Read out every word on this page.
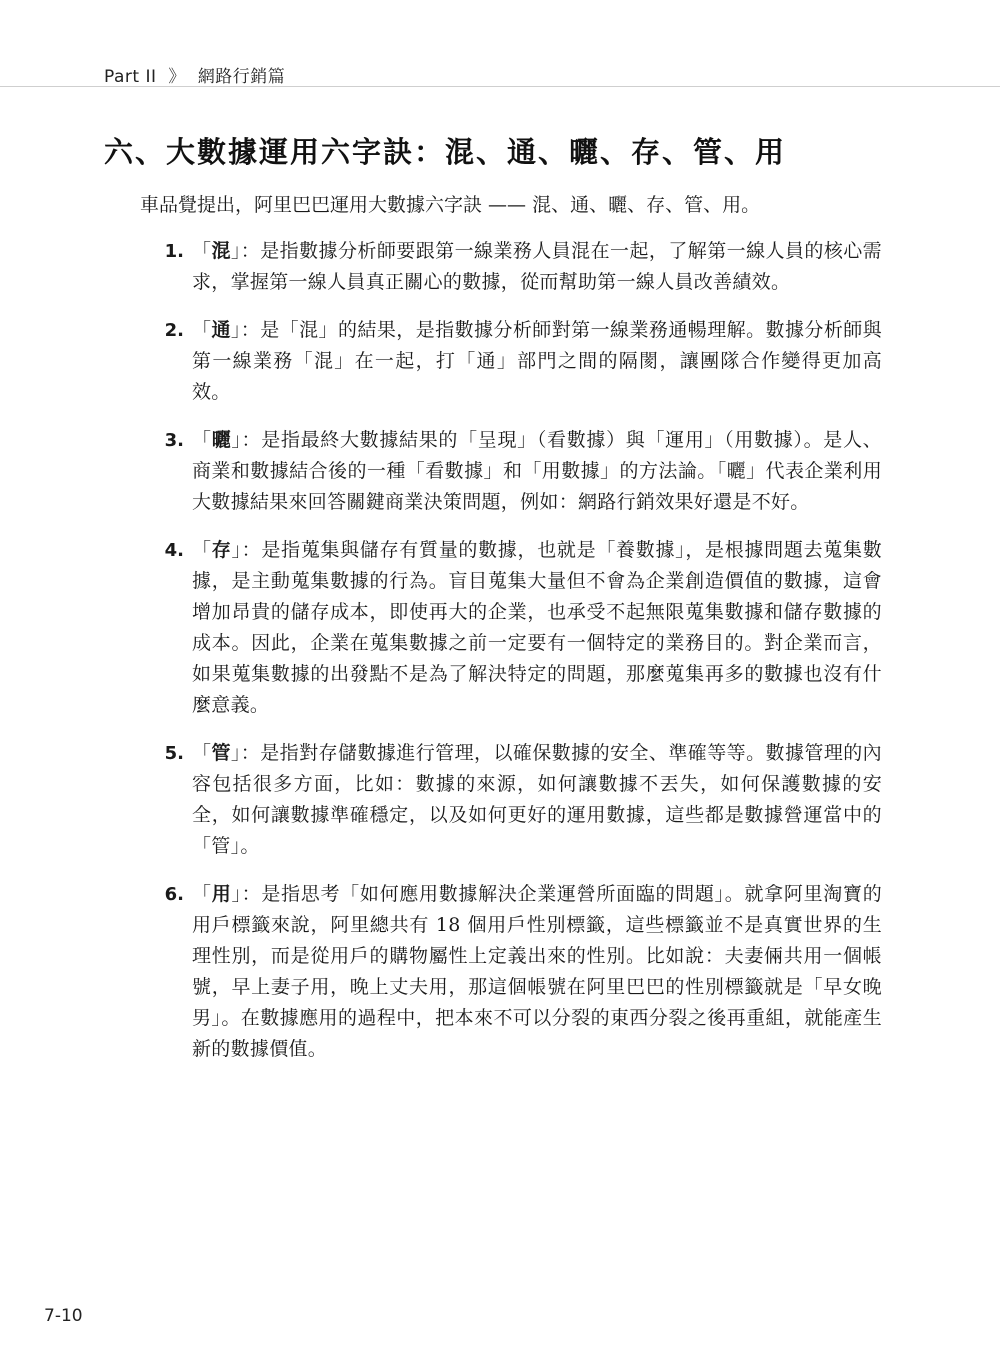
Part II 》 網路行銷篇
六、大數據運用六字訣：混、通、曬、存、管、用
車品覺提出，阿里巴巴運用大數據六字訣 —— 混、通、曬、存、管、用。
1. 「混」：是指數據分析師要跟第一線業務人員混在一起，了解第一線人員的核心需求，掌握第一線人員真正關心的數據，從而幫助第一線人員改善績效。
2. 「通」：是「混」的結果，是指數據分析師對第一線業務通暢理解。數據分析師與第一線業務「混」在一起，打「通」部門之間的隔閡，讓團隊合作變得更加高效。
3. 「曬」：是指最終大數據結果的「呈現」（看數據）與「運用」（用數據）。是人、商業和數據結合後的一種「看數據」和「用數據」的方法論。「曬」代表企業利用大數據結果來回答關鍵商業決策問題，例如：網路行銷效果好還是不好。
4. 「存」：是指蒐集與儲存有質量的數據，也就是「養數據」，是根據問題去蒐集數據，是主動蒐集數據的行為。盲目蒐集大量但不會為企業創造價值的數據，這會增加昂貴的儲存成本，即使再大的企業，也承受不起無限蒐集數據和儲存數據的成本。因此，企業在蒐集數據之前一定要有一個特定的業務目的。對企業而言，如果蒐集數據的出發點不是為了解決特定的問題，那麼蒐集再多的數據也沒有什麼意義。
5. 「管」：是指對存儲數據進行管理，以確保數據的安全、準確等等。數據管理的內容包括很多方面，比如：數據的來源，如何讓數據不丟失，如何保護數據的安全，如何讓數據準確穩定，以及如何更好的運用數據，這些都是數據營運當中的「管」。
6. 「用」：是指思考「如何應用數據解決企業運營所面臨的問題」。就拿阿里淘寶的用戶標籤來說，阿里總共有 18 個用戶性別標籤，這些標籤並不是真實世界的生理性別，而是從用戶的購物屬性上定義出來的性別。比如說：夫妻倆共用一個帳號，早上妻子用，晚上丈夫用，那這個帳號在阿里巴巴的性別標籤就是「早女晚男」。在數據應用的過程中，把本來不可以分裂的東西分裂之後再重組，就能產生新的數據價值。
7-10
